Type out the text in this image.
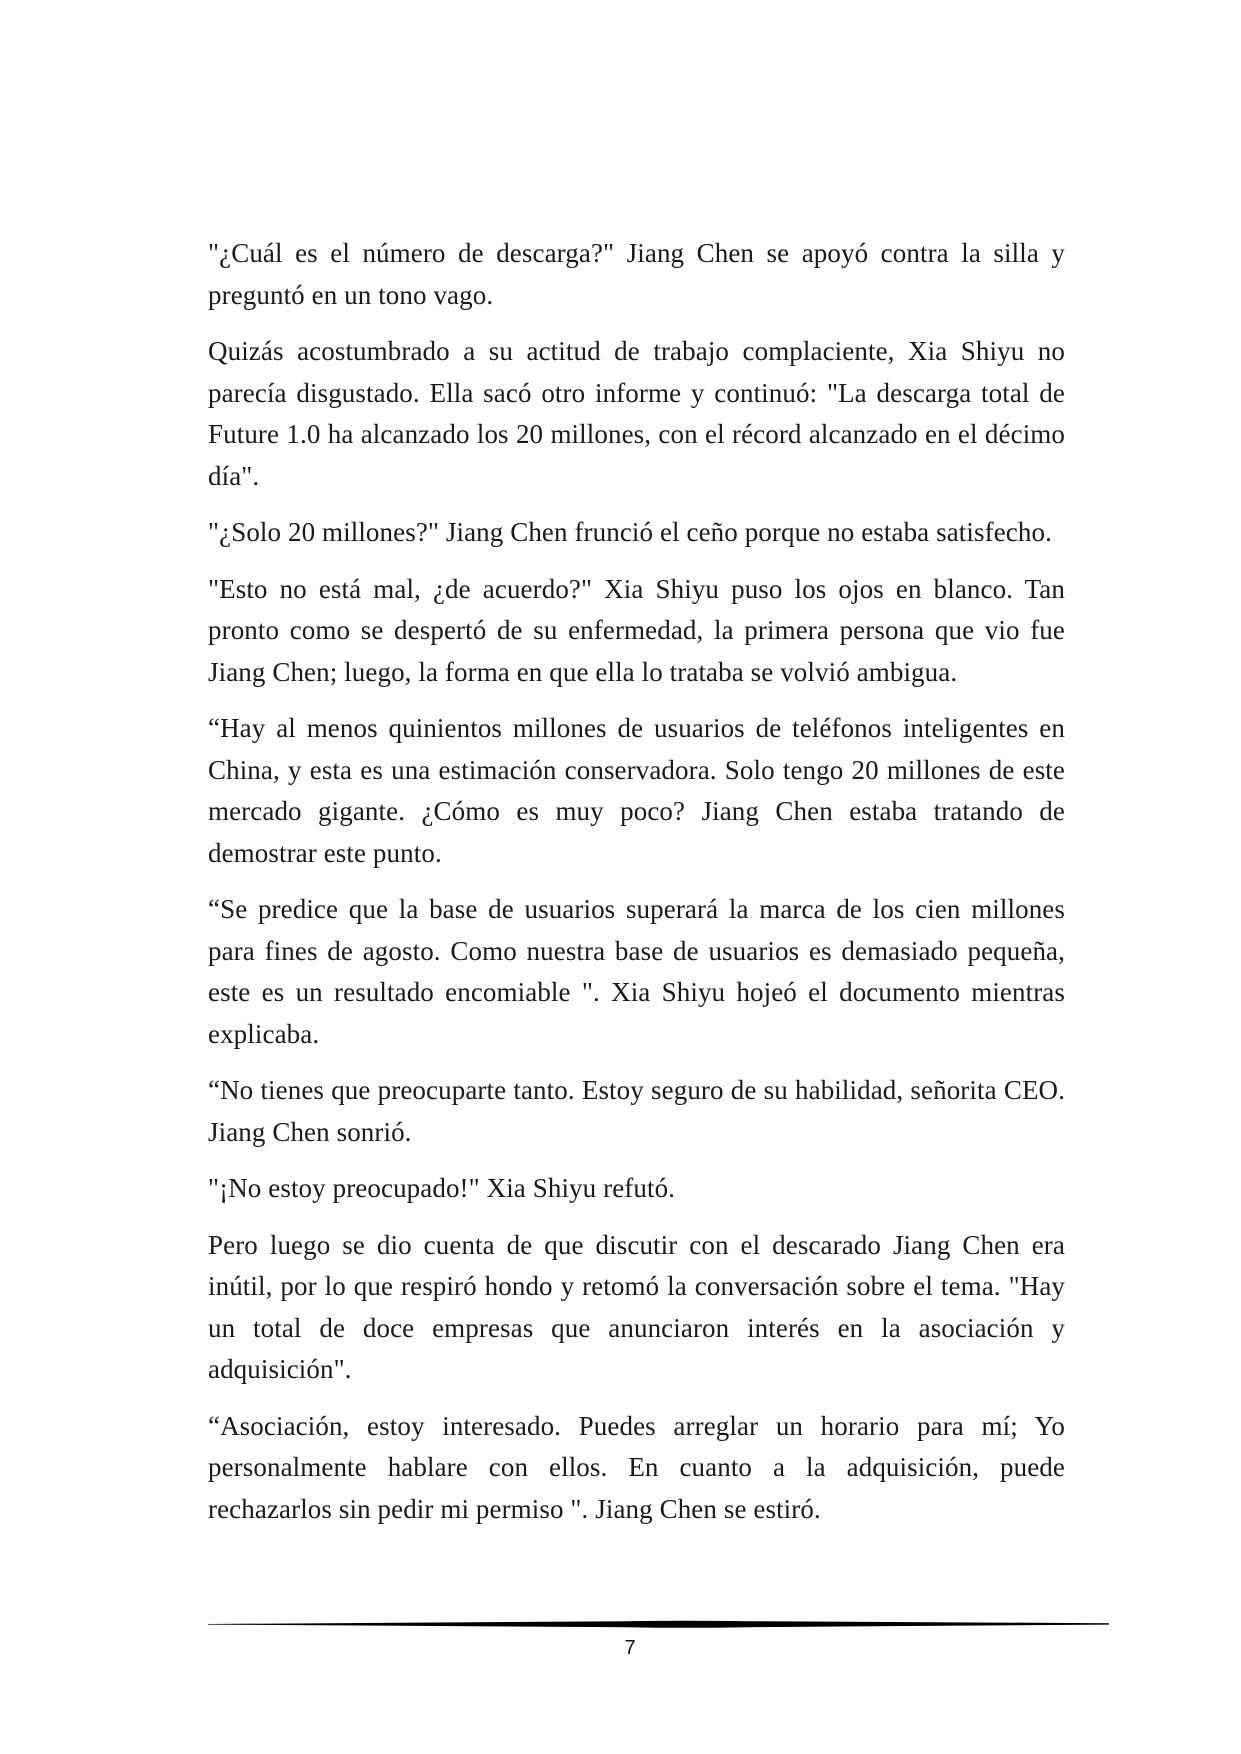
"¿Cuál es el número de descarga?" Jiang Chen se apoyó contra la silla y preguntó en un tono vago.

Quizás acostumbrado a su actitud de trabajo complaciente, Xia Shiyu no parecía disgustado. Ella sacó otro informe y continuó: "La descarga total de Future 1.0 ha alcanzado los 20 millones, con el récord alcanzado en el décimo día".

"¿Solo 20 millones?" Jiang Chen frunció el ceño porque no estaba satisfecho.

"Esto no está mal, ¿de acuerdo?" Xia Shiyu puso los ojos en blanco. Tan pronto como se despertó de su enfermedad, la primera persona que vio fue Jiang Chen; luego, la forma en que ella lo trataba se volvió ambigua.

“Hay al menos quinientos millones de usuarios de teléfonos inteligentes en China, y esta es una estimación conservadora. Solo tengo 20 millones de este mercado gigante. ¿Cómo es muy poco? Jiang Chen estaba tratando de demostrar este punto.

“Se predice que la base de usuarios superará la marca de los cien millones para fines de agosto. Como nuestra base de usuarios es demasiado pequeña, este es un resultado encomiable ". Xia Shiyu hojeó el documento mientras explicaba.

“No tienes que preocuparte tanto. Estoy seguro de su habilidad, señorita CEO. Jiang Chen sonrió.

"¡No estoy preocupado!" Xia Shiyu refutó.

Pero luego se dio cuenta de que discutir con el descarado Jiang Chen era inútil, por lo que respiró hondo y retomó la conversación sobre el tema. "Hay un total de doce empresas que anunciaron interés en la asociación y adquisición".

“Asociación, estoy interesado. Puedes arreglar un horario para mí; Yo personalmente hablare con ellos. En cuanto a la adquisición, puede rechazarlos sin pedir mi permiso ". Jiang Chen se estiró.

7
